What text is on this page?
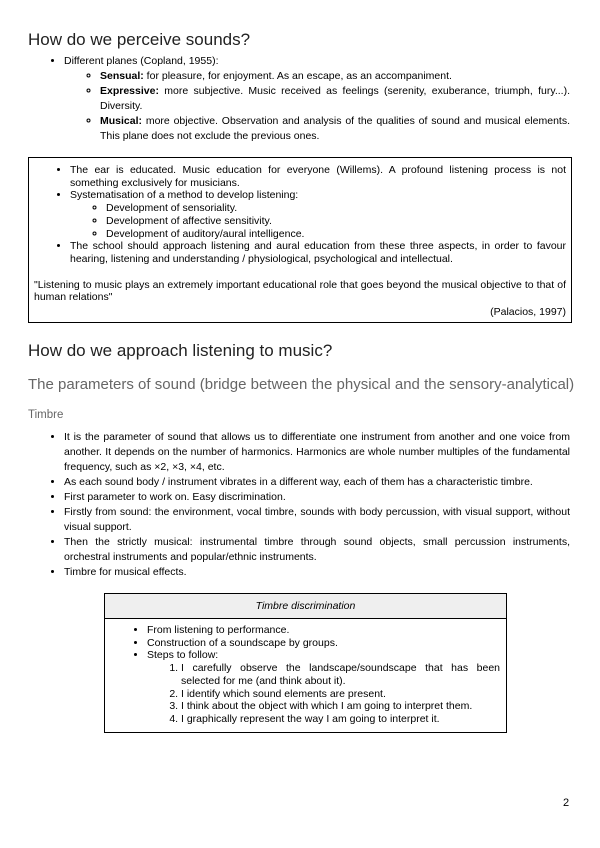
How do we perceive sounds?
• Different planes (Copland, 1955):
◦ Sensual: for pleasure, for enjoyment. As an escape, as an accompaniment.
◦ Expressive: more subjective. Music received as feelings (serenity, exuberance, triumph, fury...). Diversity.
◦ Musical: more objective. Observation and analysis of the qualities of sound and musical elements. This plane does not exclude the previous ones.
• The ear is educated. Music education for everyone (Willems). A profound listening process is not something exclusively for musicians.
• Systematisation of a method to develop listening:
◦ Development of sensoriality.
◦ Development of affective sensitivity.
◦ Development of auditory/aural intelligence.
• The school should approach listening and aural education from these three aspects, in order to favour hearing, listening and understanding / physiological, psychological and intellectual.
"Listening to music plays an extremely important educational role that goes beyond the musical objective to that of human relations"
(Palacios, 1997)
How do we approach listening to music?
The parameters of sound (bridge between the physical and the sensory-analytical)
Timbre
• It is the parameter of sound that allows us to differentiate one instrument from another and one voice from another. It depends on the number of harmonics. Harmonics are whole number multiples of the fundamental frequency, such as ×2, ×3, ×4, etc.
• As each sound body / instrument vibrates in a different way, each of them has a characteristic timbre.
• First parameter to work on. Easy discrimination.
• Firstly from sound: the environment, vocal timbre, sounds with body percussion, with visual support, without visual support.
• Then the strictly musical: instrumental timbre through sound objects, small percussion instruments, orchestral instruments and popular/ethnic instruments.
• Timbre for musical effects.
Timbre discrimination
• From listening to performance.
• Construction of a soundscape by groups.
• Steps to follow:
1. I carefully observe the landscape/soundscape that has been selected for me (and think about it).
2. I identify which sound elements are present.
3. I think about the object with which I am going to interpret them.
4. I graphically represent the way I am going to interpret it.
2
